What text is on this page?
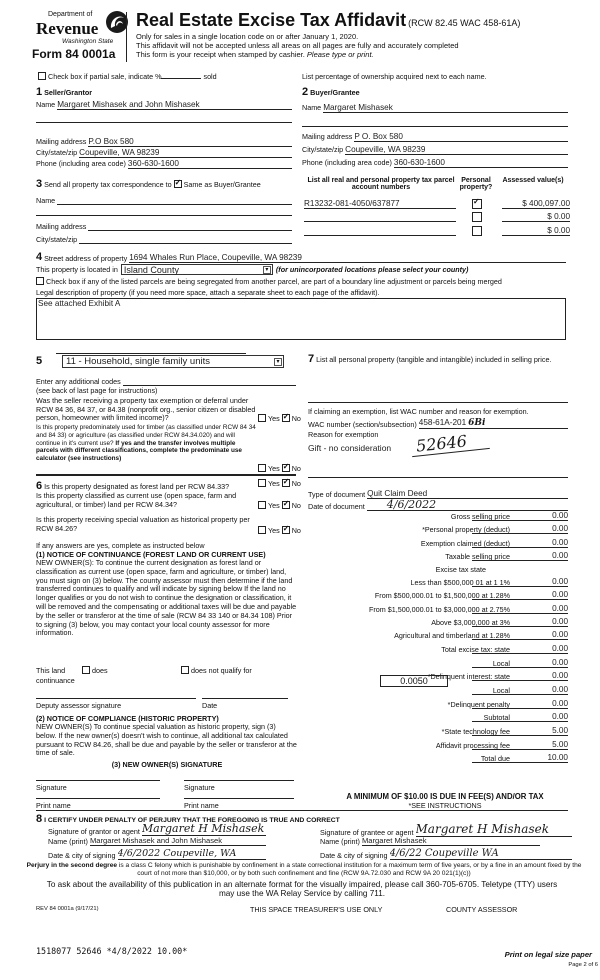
Department of
Revenue
Washington State
Form 84 0001a
Real Estate Excise Tax Affidavit (RCW 82.45 WAC 458-61A)
Only for sales in a single location code on or after January 1, 2020.
This affidavit will not be accepted unless all areas on all pages are fully and accurately completed
This form is your receipt when stamped by cashier. Please type or print.
Check box if partial sale, indicate %	sold	List percentage of ownership acquired next to each name.
1 Seller/Grantor
Name Margaret Mishasek and John Mishasek
Mailing address P.O Box 580
City/state/zip Coupeville, WA 98239
Phone (including area code) 360-630-1600
2 Buyer/Grantee
Name Margaret Mishasek
Mailing address P O. Box 580
City/state/zip Coupeville, WA 98239
Phone (including area code) 360-630-1600
3 Send all property tax correspondence to ✓ Same as Buyer/Grantee
Name
Mailing address
City/state/zip
List all real and personal property tax parcel account numbers
Personal property?
Assessed value(s)
R13232-081-4050/637877 ✓	$ 400,097.00
$ 0.00
$ 0.00
4 Street address of property 1694 Whales Run Place, Coupeville, WA 98239
This property is located in Island County	▾	(for unincorporated locations please select your county)
Check box if any of the listed parcels are being segregated from another parcel, are part of a boundary line adjustment or parcels being merged
Legal description of property (if you need more space, attach a separate sheet to each page of the affidavit).
See attached Exhibit A
5	11 - Household, single family units	▾
Enter any additional codes
(see back of last page for instructions)
Was the seller receiving a property tax exemption or deferral under RCW 84 36, 84 37, or 84.38 (nonprofit org., senior citizen or disabled person, homeowner with limited income)?	Yes ✓ No
Is this property predominately used for timber (as classified under RCW 84 34 and 84 33) or agriculture (as classified under RCW 84.34.020) and will continue in it's current use? If yes and the transfer involves multiple parcels with different classifications, complete the predominate use calculator (see instructions)
Yes ✓ No
6 Is this property designated as forest land per RCW 84.33?	Yes ✓ No
Is this property classified as current use (open space, farm and agricultural, or timber) land per RCW 84.34?	Yes ✓ No
Is this property receiving special valuation as historical property per RCW 84.26?	Yes ✓ No
If any answers are yes, complete as instructed below
(1) NOTICE OF CONTINUANCE (FOREST LAND OR CURRENT USE)
NEW OWNER(S): To continue the current designation as forest land or classification as current use (open space, farm and agriculture, or timber) land, you must sign on (3) below. The county assessor must then determine if the land transferred continues to qualify and will indicate by signing below If the land no longer qualifies or you do not wish to continue the designation or classification, it will be removed and the compensating or additional taxes will be due and payable by the seller or transferor at the time of sale (RCW 84 33 140 or 84.34 108) Prior to signing (3) below, you may contact your local county assessor for more information.
This land
continuance
does	does not qualify for
Deputy assessor signature	Date
(2) NOTICE OF COMPLIANCE (HISTORIC PROPERTY)
NEW OWNER(S) To continue special valuation as historic property, sign (3) below. If the new owner(s) doesn't wish to continue, all additional tax calculated pursuant to RCW 84.26, shall be due and payable by the seller or transferor at the time of sale.
(3) NEW OWNER(S) SIGNATURE
Signature	Signature
Print name	Print name
7 List all personal property (tangible and intangible) included in selling price.
If claiming an exemption, list WAC number and reason for exemption.
WAC number (section/subsection) 458-61A-201 6Bi
Reason for exemption
Gift - no consideration 52646
Type of document Quit Claim Deed
Date of document	4/6/2022
Gross selling price	0.00
*Personal property (deduct)	0.00
Exemption claimed (deduct)	0.00
Taxable selling price	0.00
Excise tax state
Less than $500,000 01 at 1 1%	0.00
From $500,000.01 to $1,500,000 at 1.28%	0.00
From $1,500,000.01 to $3,000,000 at 2.75%	0.00
Above $3,000,000 at 3%	0.00
Agricultural and timberland at 1.28%	0.00
Total excise tax: state	0.00
Local	0.00
*Delinquent interest: state	0.00
Local	0.00
*Delinquent penalty	0.00
Subtotal	0.00
*State technology fee	5.00
Affidavit processing fee	5.00
Total due	10.00
0.0050
A MINIMUM OF $10.00 IS DUE IN FEE(S) AND/OR TAX
*SEE INSTRUCTIONS
8 I CERTIFY UNDER PENALTY OF PERJURY THAT THE FOREGOING IS TRUE AND CORRECT
Signature of grantor or agent Margaret H Mishasek
Name (print) Margaret Mishasek and John Mishasek
Date & city of signing 4/6/2022 Coupeville, WA
Signature of grantee or agent Margaret H Mishasek
Name (print) Margaret Mishasek
Date & city of signing 4/6/22 Coupeville WA
Perjury in the second degree is a class C felony which is punishable by confinement in a state correctional institution for a maximum term of five years, or by a fine in an amount fixed by the court of not more than $10,000, or by both such confinement and fine (RCW 9A.72.030 and RCW 9A 20 021(1)(c))
To ask about the availability of this publication in an alternate format for the visually impaired, please call 360-705-6705. Teletype (TTY) users may use the WA Relay Service by calling 711.
REV 84 0001a (9/17/21)	THIS SPACE TREASURER'S USE ONLY	COUNTY ASSESSOR
1518077 52646 *4/8/2022 10.00*	Print on legal size paper
Page 2 of 6
